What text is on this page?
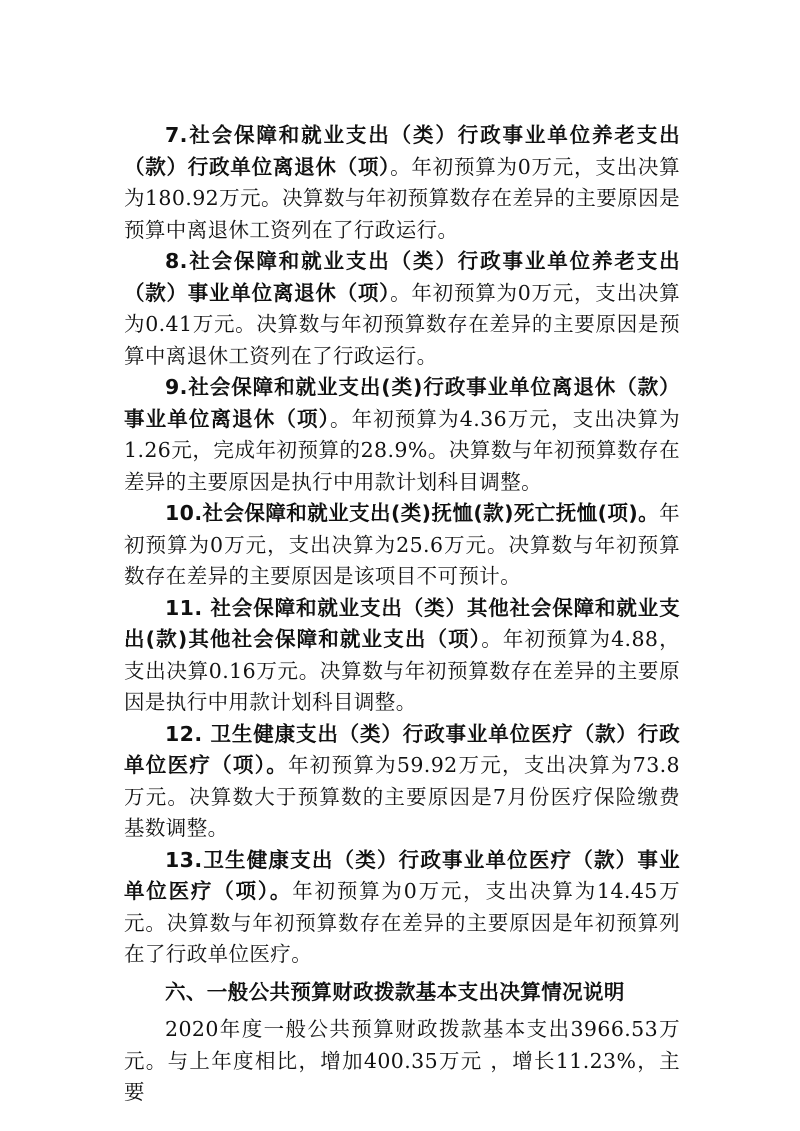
7.社会保障和就业支出（类）行政事业单位养老支出（款）行政单位离退休（项）。年初预算为0万元，支出决算为180.92万元。决算数与年初预算数存在差异的主要原因是预算中离退休工资列在了行政运行。

8.社会保障和就业支出（类）行政事业单位养老支出（款）事业单位离退休（项）。年初预算为0万元，支出决算为0.41万元。决算数与年初预算数存在差异的主要原因是预算中离退休工资列在了行政运行。

9.社会保障和就业支出(类)行政事业单位离退休（款）事业单位离退休（项）。年初预算为4.36万元，支出决算为1.26元，完成年初预算的28.9%。决算数与年初预算数存在差异的主要原因是执行中用款计划科目调整。

10.社会保障和就业支出(类)抚恤(款)死亡抚恤(项)。年初预算为0万元，支出决算为25.6万元。决算数与年初预算数存在差异的主要原因是该项目不可预计。

11. 社会保障和就业支出（类）其他社会保障和就业支出(款)其他社会保障和就业支出（项）。年初预算为4.88，支出决算0.16万元。决算数与年初预算数存在差异的主要原因是执行中用款计划科目调整。

12. 卫生健康支出（类）行政事业单位医疗（款）行政单位医疗（项）。年初预算为59.92万元，支出决算为73.8万元。决算数大于预算数的主要原因是7月份医疗保险缴费基数调整。

13.卫生健康支出（类）行政事业单位医疗（款）事业单位医疗（项）。年初预算为0万元，支出决算为14.45万元。决算数与年初预算数存在差异的主要原因是年初预算列在了行政单位医疗。

六、一般公共预算财政拨款基本支出决算情况说明

2020年度一般公共预算财政拨款基本支出3966.53万元。与上年度相比，增加400.35万元 ，增长11.23%，主要
